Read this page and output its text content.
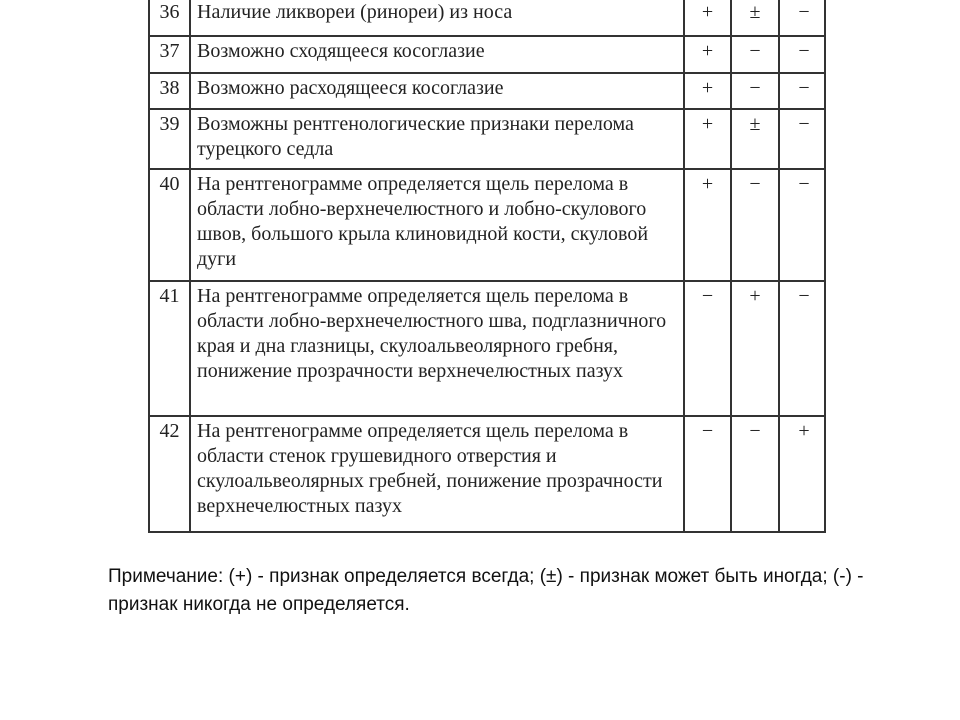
36	Наличие ликвореи (ринореи) из носа	+	±	−
37	Возможно сходящееся косоглазие	+	−	−
38	Возможно расходящееся косоглазие	+	−	−
39	Возможны рентгенологические признаки перелома турецкого седла	+	±	−
40	На рентгенограмме определяется щель перелома в области лобно-верхнечелюстного и лобно-скулового швов, большого крыла клиновидной кости, скуловой дуги	+	−	−
41	На рентгенограмме определяется щель перелома в области лобно-верхнечелюстного шва, подглазничного края и дна глазницы, скулоальвеолярного гребня, понижение прозрачности верхнечелюстных пазух	−	+	−
42	На рентгенограмме определяется щель перелома в области стенок грушевидного отверстия и скулоальвеолярных гребней, понижение прозрачности верхнечелюстных пазух	−	−	+
Примечание: (+) - признак определяется всегда; (±) - признак может быть иногда; (-) - признак никогда не определяется.
